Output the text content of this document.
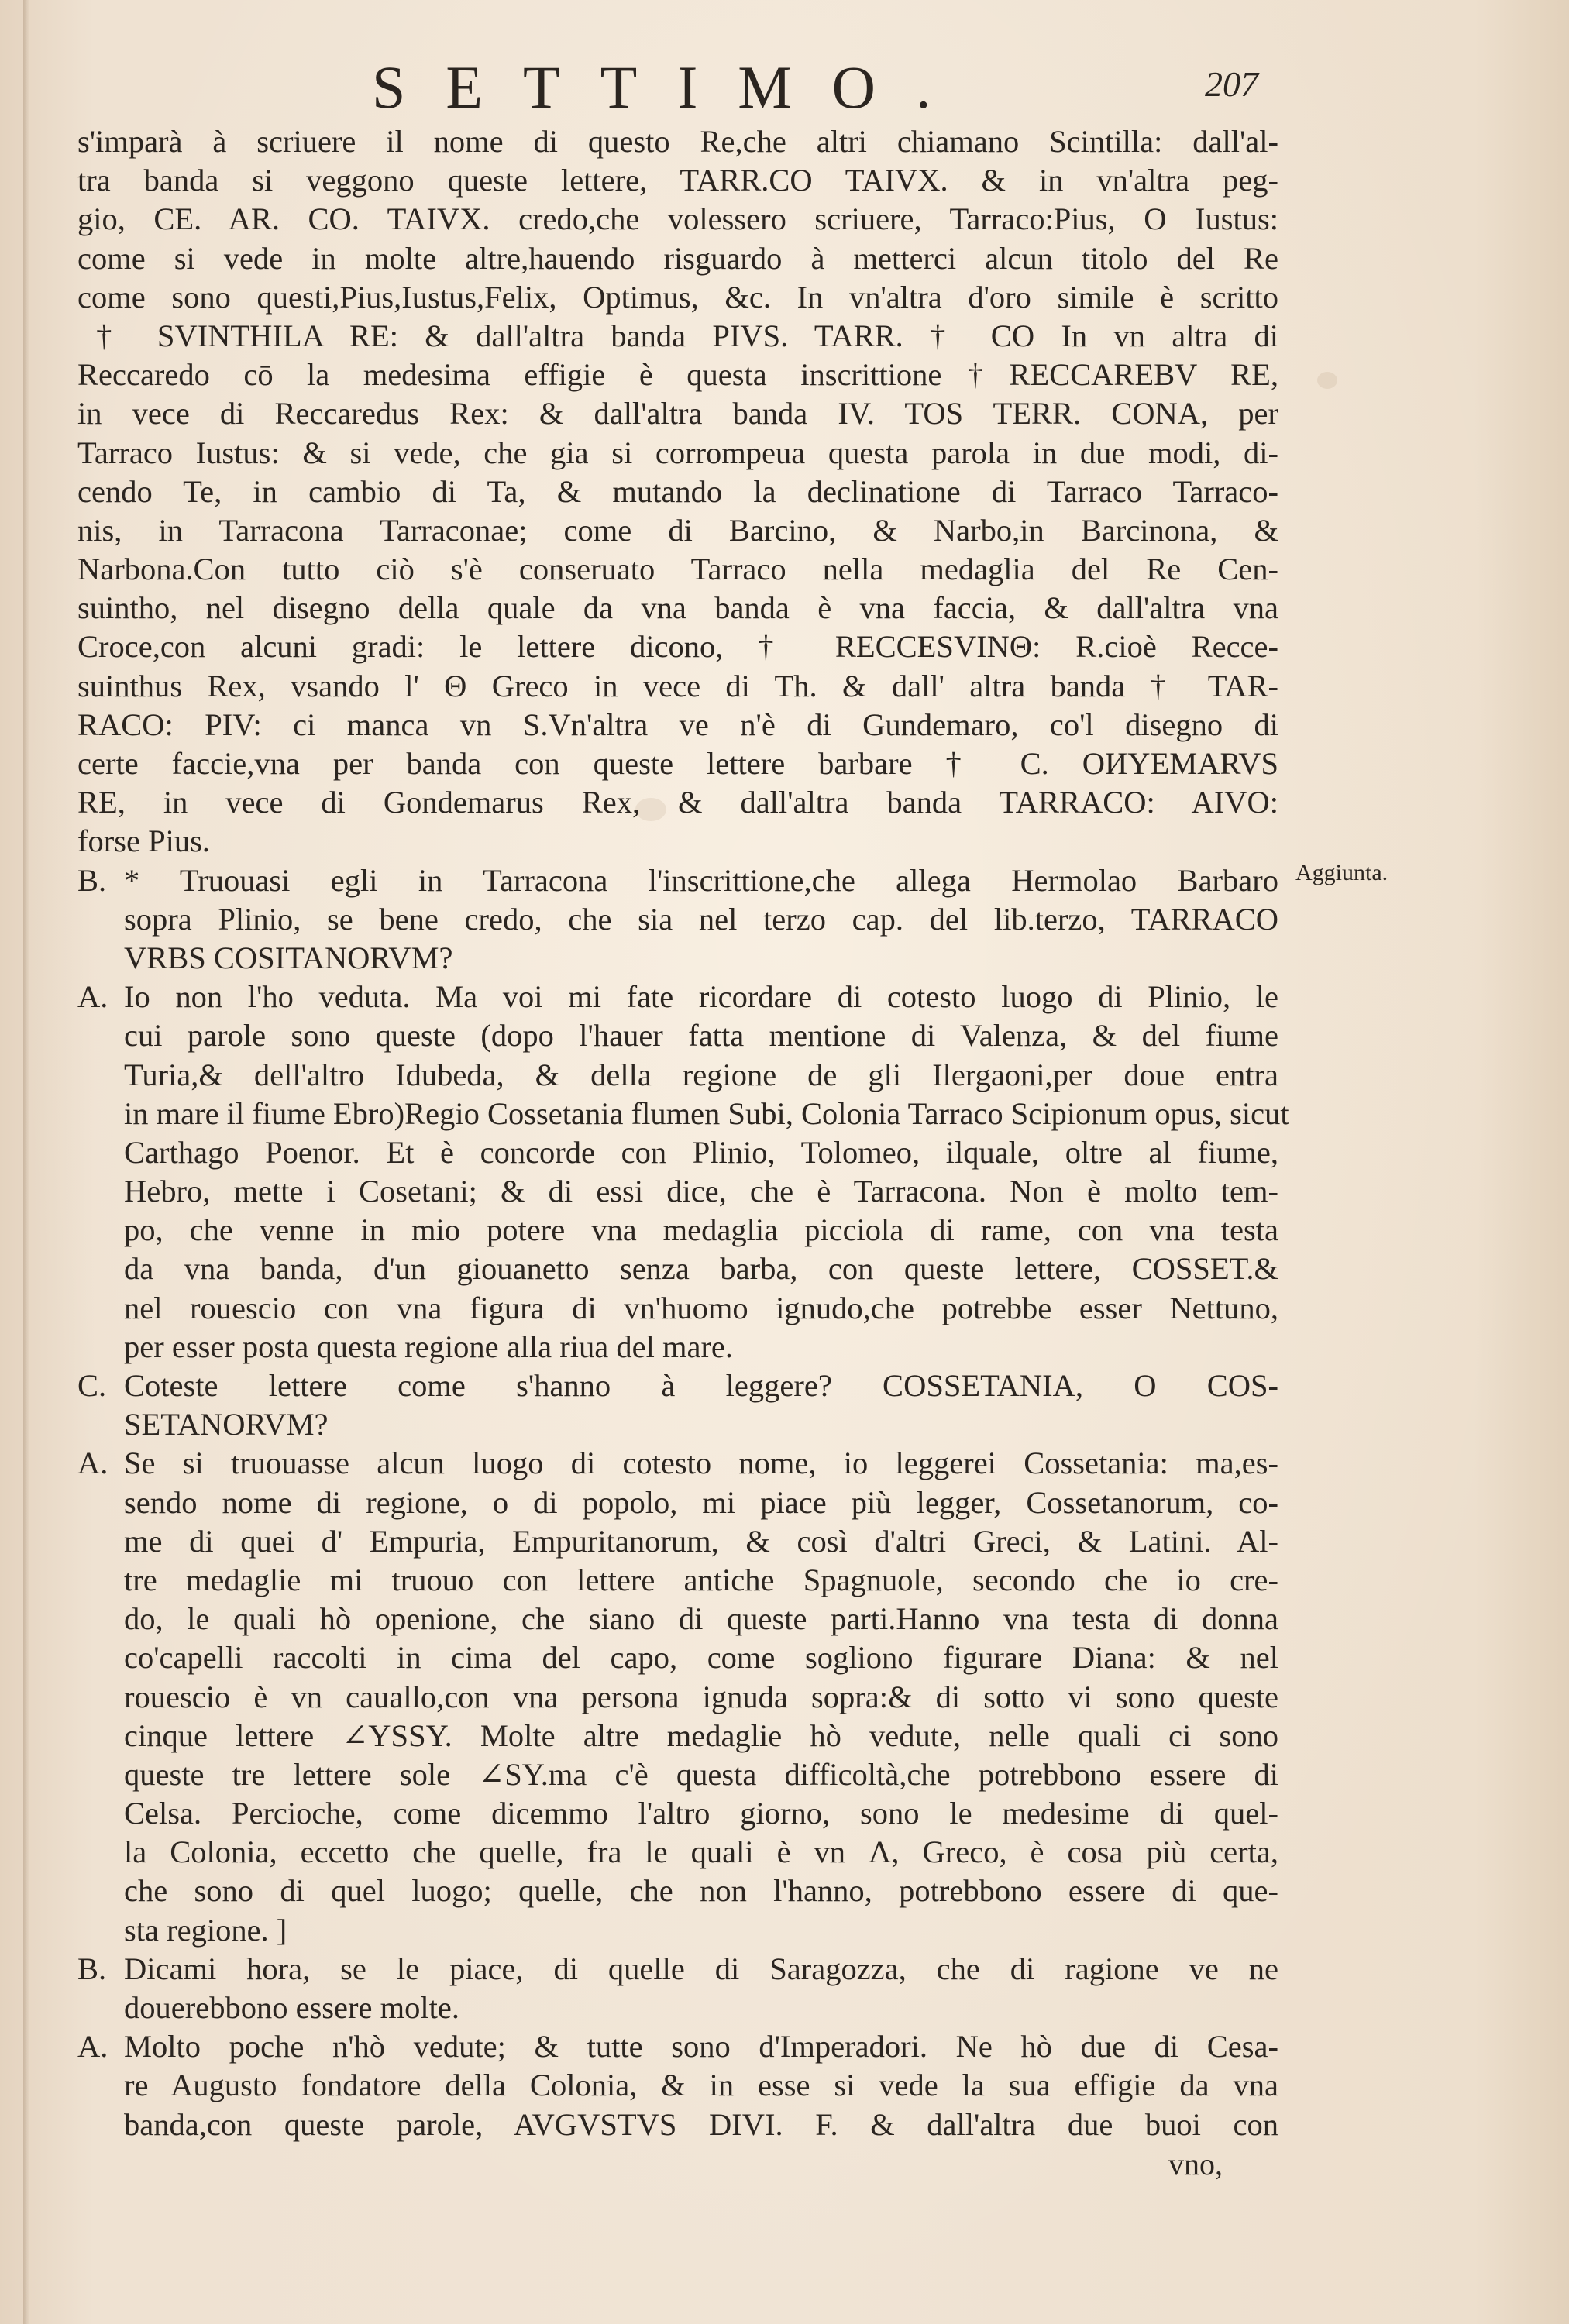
SETTIMO.	207
s'imparà à scriuere il nome di questo Re,che altri chiamano Scintilla: dall'al-
tra banda si veggono queste lettere, TARR.CO TAIVX. & in vn'altra peg-
gio, CE. AR. CO. TAIVX. credo,che volessero scriuere, Tarraco:Pius, O Iustus:
come si vede in molte altre,hauendo risguardo à metterci alcun titolo del Re
come sono questi,Pius,Iustus,Felix, Optimus, &c. In vn'altra d'oro simile è scritto
† SVINTHILA RE: & dall'altra banda PIVS. TARR. † CO In vn altra di
Reccaredo cō la medesima effigie è questa inscrittione†RECCAREBV RE,
in vece di Reccaredus Rex: & dall'altra banda IV. TOS TERR. CONA, per
Tarraco Iustus: & si vede, che gia si corrompeua questa parola in due modi, di-
cendo Te, in cambio di Ta, & mutando la declinatione di Tarraco Tarraco-
nis, in Tarracona Tarraconae; come di Barcino, & Narbo,in Barcinona, &
Narbona.Con tutto ciò s'è conseruato Tarraco nella medaglia del Re Cen-
suintho, nel disegno della quale da vna banda è vna faccia, & dall'altra vna
Croce,con alcuni gradi: le lettere dicono, † RECCESVINΘ: R.cioè Recce-
suinthus Rex, vsando l' Θ Greco in vece di Th. & dall' altra banda † TAR-
RACO: PIV: ci manca vn S.Vn'altra ve n'è di Gundemaro, co'l disegno di
certe faccie,vna per banda con queste lettere barbare † C. OИYEMARVS
RE, in vece di Gondemarus Rex, & dall'altra banda TARRACO: AIVO:
forse Pius.
B. * Truouasi egli in Tarracona l'inscrittione,che allega Hermolao Barbaro
sopra Plinio, se bene credo, che sia nel terzo cap. del lib.terzo, TARRACO
VRBS COSITANORVM?
A. Io non l'ho veduta. Ma voi mi fate ricordare di cotesto luogo di Plinio, le
cui parole sono queste (dopo l'hauer fatta mentione di Valenza, & del fiume
Turia,& dell'altro Idubeda, & della regione de gli Ilergaoni,per doue entra
in mare il fiume Ebro)Regio Cossetania flumen Subi, Colonia Tarraco Scipionum opus, sicut
Carthago Poenor. Et è concorde con Plinio, Tolomeo, ilquale, oltre al fiume,
Hebro, mette i Cosetani; & di essi dice, che è Tarracona. Non è molto tem-
po, che venne in mio potere vna medaglia picciola di rame, con vna testa
da vna banda, d'un giouanetto senza barba, con queste lettere, COSSET.&
nel rouescio con vna figura di vn'huomo ignudo,che potrebbe esser Nettuno,
per esser posta questa regione alla riua del mare.
C. Coteste lettere come s'hanno à leggere? COSSETANIA, O COS-
SETANORVM?
A. Se si truouasse alcun luogo di cotesto nome, io leggerei Cossetania: ma,es-
sendo nome di regione, o di popolo, mi piace più legger, Cossetanorum, co-
me di quei d' Empuria, Empuritanorum, & così d'altri Greci, & Latini. Al-
tre medaglie mi truouo con lettere antiche Spagnuole, secondo che io cre-
do, le quali hò openione, che siano di queste parti.Hanno vna testa di donna
co'capelli raccolti in cima del capo, come sogliono figurare Diana: & nel
rouescio è vn cauallo,con vna persona ignuda sopra:& di sotto vi sono queste
cinque lettere ∠YSSY. Molte altre medaglie hò vedute, nelle quali ci sono
queste tre lettere sole ∠SY.ma c'è questa difficoltà,che potrebbono essere di
Celsa. Percioche, come dicemmo l'altro giorno, sono le medesime di quel-
la Colonia, eccetto che quelle, fra le quali è vn Λ, Greco, è cosa più certa,
che sono di quel luogo; quelle, che non l'hanno, potrebbono essere di que-
sta regione. ]
B. Dicami hora, se le piace, di quelle di Saragozza, che di ragione ve ne
douerebbono essere molte.
A. Molto poche n'hò vedute; & tutte sono d'Imperadori. Ne hò due di Cesa-
re Augusto fondatore della Colonia, & in esse si vede la sua effigie da vna
banda,con queste parole, AVGVSTVS DIVI. F. & dall'altra due buoi con
Aggiunta.
vno,
